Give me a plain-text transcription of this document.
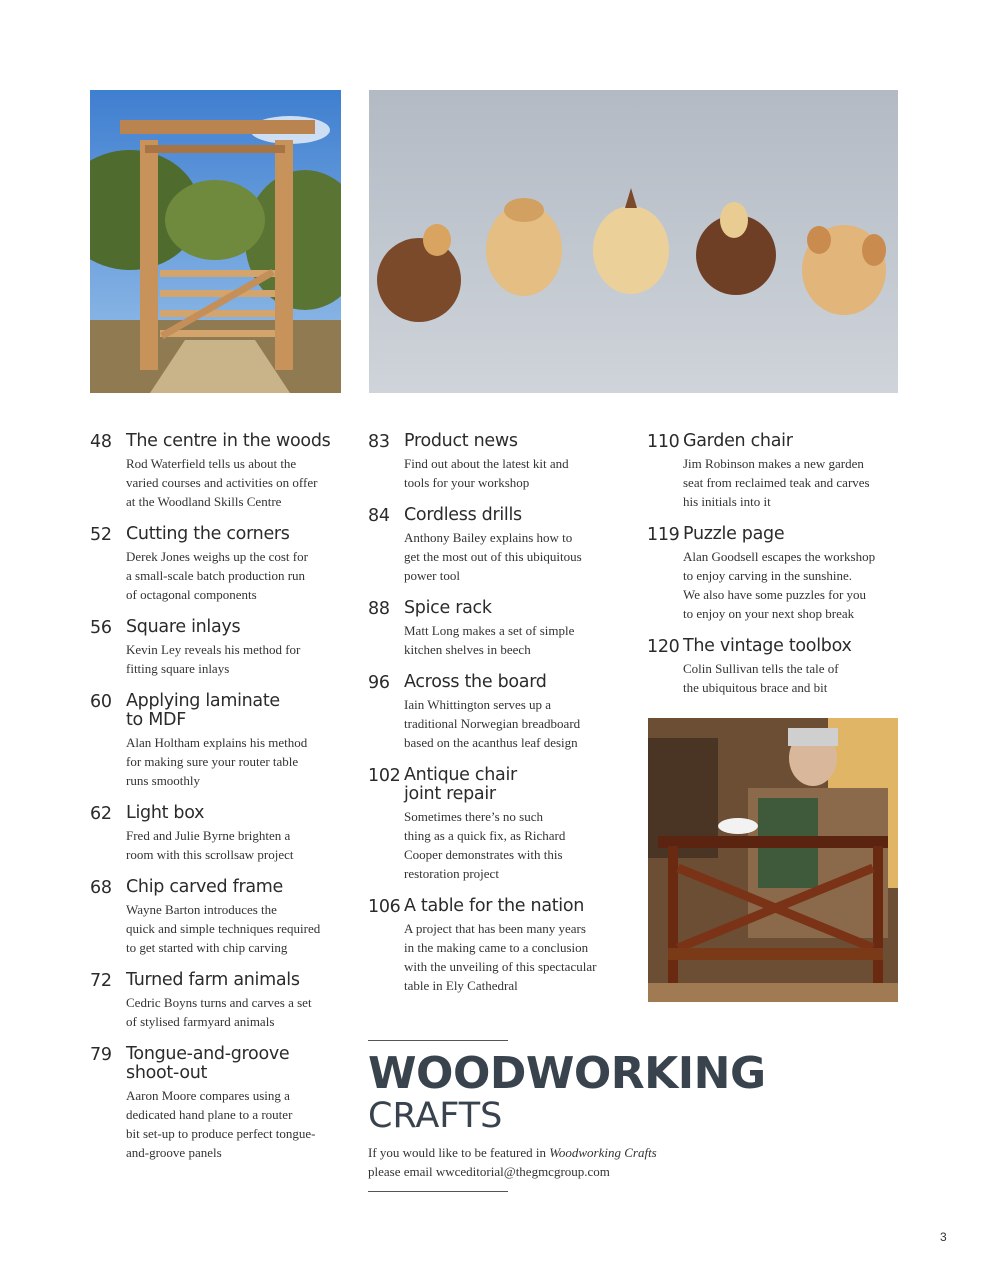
48 The centre in the woods
Rod Waterfield tells us about the
varied courses and activities on offer
at the Woodland Skills Centre
52 Cutting the corners
Derek Jones weighs up the cost for
a small-scale batch production run
of octagonal components
56 Square inlays
Kevin Ley reveals his method for
fitting square inlays
60 Applying laminate
to MDF
Alan Holtham explains his method
for making sure your router table
runs smoothly
62 Light box
Fred and Julie Byrne brighten a
room with this scrollsaw project
68 Chip carved frame
Wayne Barton introduces the
quick and simple techniques required
to get started with chip carving
72 Turned farm animals
Cedric Boyns turns and carves a set
of stylised farmyard animals
79 Tongue-and-groove
shoot-out
Aaron Moore compares using a
dedicated hand plane to a router
bit set-up to produce perfect tongue-
and-groove panels
83 Product news
Find out about the latest kit and
tools for your workshop
84 Cordless drills
Anthony Bailey explains how to
get the most out of this ubiquitous
power tool
88 Spice rack
Matt Long makes a set of simple
kitchen shelves in beech
96 Across the board
Iain Whittington serves up a
traditional Norwegian breadboard
based on the acanthus leaf design
102 Antique chair
joint repair
Sometimes there’s no such
thing as a quick fix, as Richard
Cooper demonstrates with this
restoration project
106 A table for the nation
A project that has been many years
in the making came to a conclusion
with the unveiling of this spectacular
table in Ely Cathedral
110 Garden chair
Jim Robinson makes a new garden
seat from reclaimed teak and carves
his initials into it
119 Puzzle page
Alan Goodsell escapes the workshop
to enjoy carving in the sunshine.
We also have some puzzles for you
to enjoy on your next shop break
120 The vintage toolbox
Colin Sullivan tells the tale of
the ubiquitous brace and bit
WOODWORKING
CRAFTS
If you would like to be featured in Woodworking Crafts
please email wwceditorial@thegmcgroup.com
3
